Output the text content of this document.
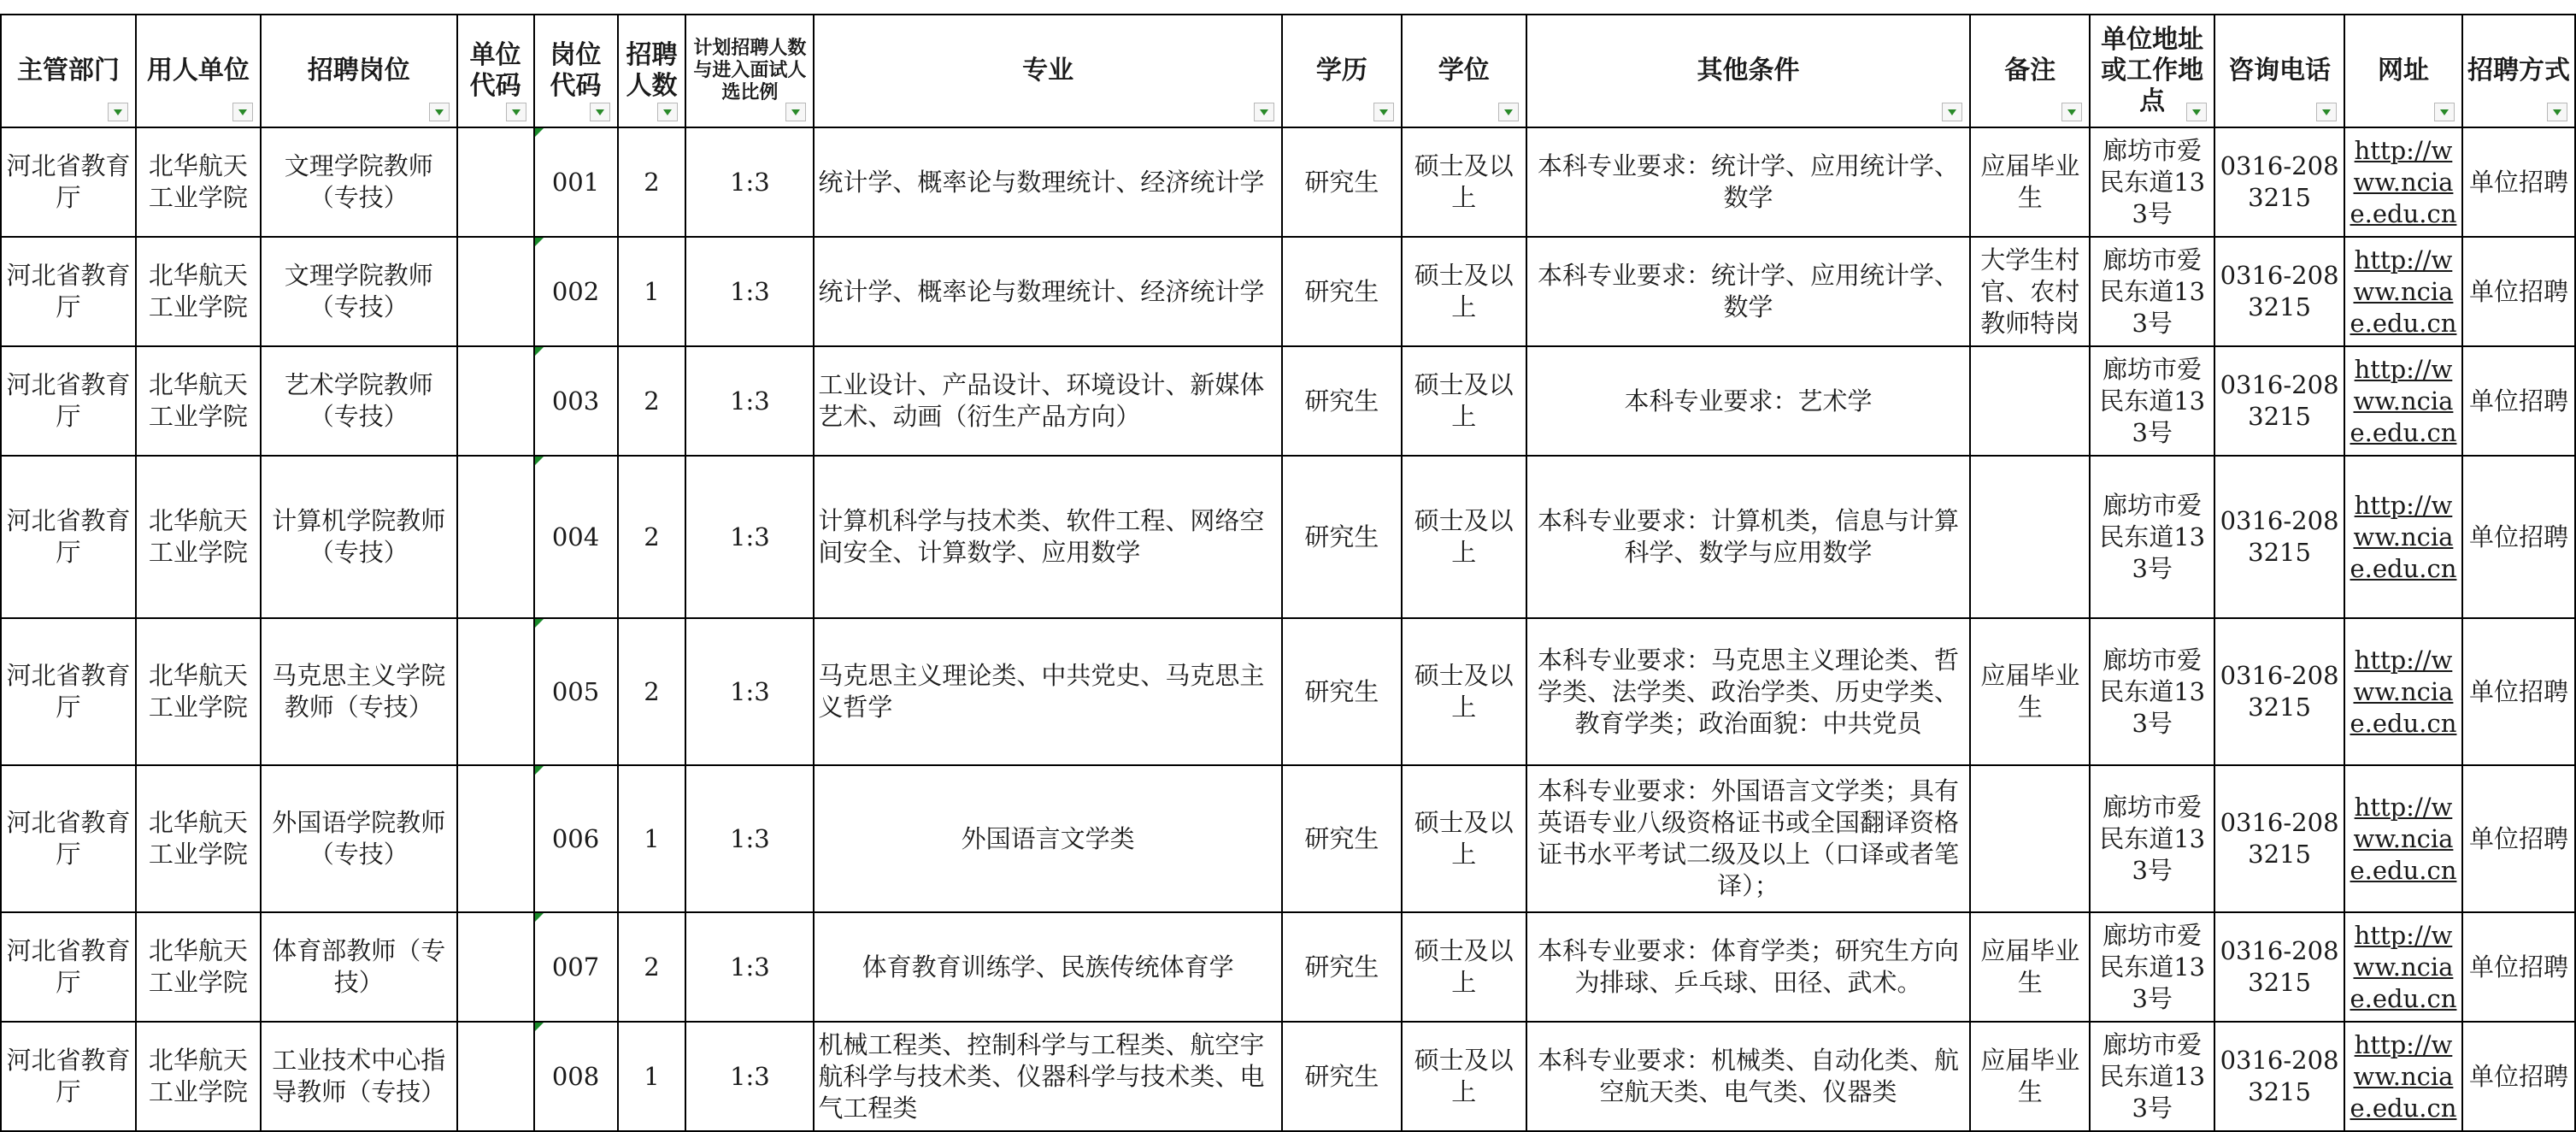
主管部门	用人单位	招聘岗位	单位代码	岗位代码	招聘人数	计划招聘人数与进入面试人选比例	专业	学历	学位	其他条件	备注	单位地址或工作地点	咨询电话	网址	招聘方式

河北省教育厅	北华航天工业学院	文理学院教师（专技）		001	2	1:3	统计学、概率论与数理统计、经济统计学	研究生	硕士及以上	本科专业要求：统计学、应用统计学、数学	应届毕业生	廊坊市爱民东道133号	0316-2083215	http://www.nciae.edu.cn	单位招聘

河北省教育厅	北华航天工业学院	文理学院教师（专技）		002	1	1:3	统计学、概率论与数理统计、经济统计学	研究生	硕士及以上	本科专业要求：统计学、应用统计学、数学	大学生村官、农村教师特岗	廊坊市爱民东道133号	0316-2083215	http://www.nciae.edu.cn	单位招聘

河北省教育厅	北华航天工业学院	艺术学院教师（专技）		003	2	1:3	工业设计、产品设计、环境设计、新媒体艺术、动画（衍生产品方向）	研究生	硕士及以上	本科专业要求：艺术学		廊坊市爱民东道133号	0316-2083215	http://www.nciae.edu.cn	单位招聘

河北省教育厅	北华航天工业学院	计算机学院教师（专技）		004	2	1:3	计算机科学与技术类、软件工程、网络空间安全、计算数学、应用数学	研究生	硕士及以上	本科专业要求：计算机类，信息与计算科学、数学与应用数学		廊坊市爱民东道133号	0316-2083215	http://www.nciae.edu.cn	单位招聘

河北省教育厅	北华航天工业学院	马克思主义学院教师（专技）		005	2	1:3	马克思主义理论类、中共党史、马克思主义哲学	研究生	硕士及以上	本科专业要求：马克思主义理论类、哲学类、法学类、政治学类、历史学类、教育学类；政治面貌：中共党员	应届毕业生	廊坊市爱民东道133号	0316-2083215	http://www.nciae.edu.cn	单位招聘

河北省教育厅	北华航天工业学院	外国语学院教师（专技）		006	1	1:3	外国语言文学类	研究生	硕士及以上	本科专业要求：外国语言文学类；具有英语专业八级资格证书或全国翻译资格证书水平考试二级及以上（口译或者笔译）；		廊坊市爱民东道133号	0316-2083215	http://www.nciae.edu.cn	单位招聘

河北省教育厅	北华航天工业学院	体育部教师（专技）		007	2	1:3	体育教育训练学、民族传统体育学	研究生	硕士及以上	本科专业要求：体育学类；研究生方向为排球、乒乓球、田径、武术。	应届毕业生	廊坊市爱民东道133号	0316-2083215	http://www.nciae.edu.cn	单位招聘

河北省教育厅	北华航天工业学院	工业技术中心指导教师（专技）		008	1	1:3	机械工程类、控制科学与工程类、航空宇航科学与技术类、仪器科学与技术类、电气工程类	研究生	硕士及以上	本科专业要求：机械类、自动化类、航空航天类、电气类、仪器类	应届毕业生	廊坊市爱民东道133号	0316-2083215	http://www.nciae.edu.cn	单位招聘
